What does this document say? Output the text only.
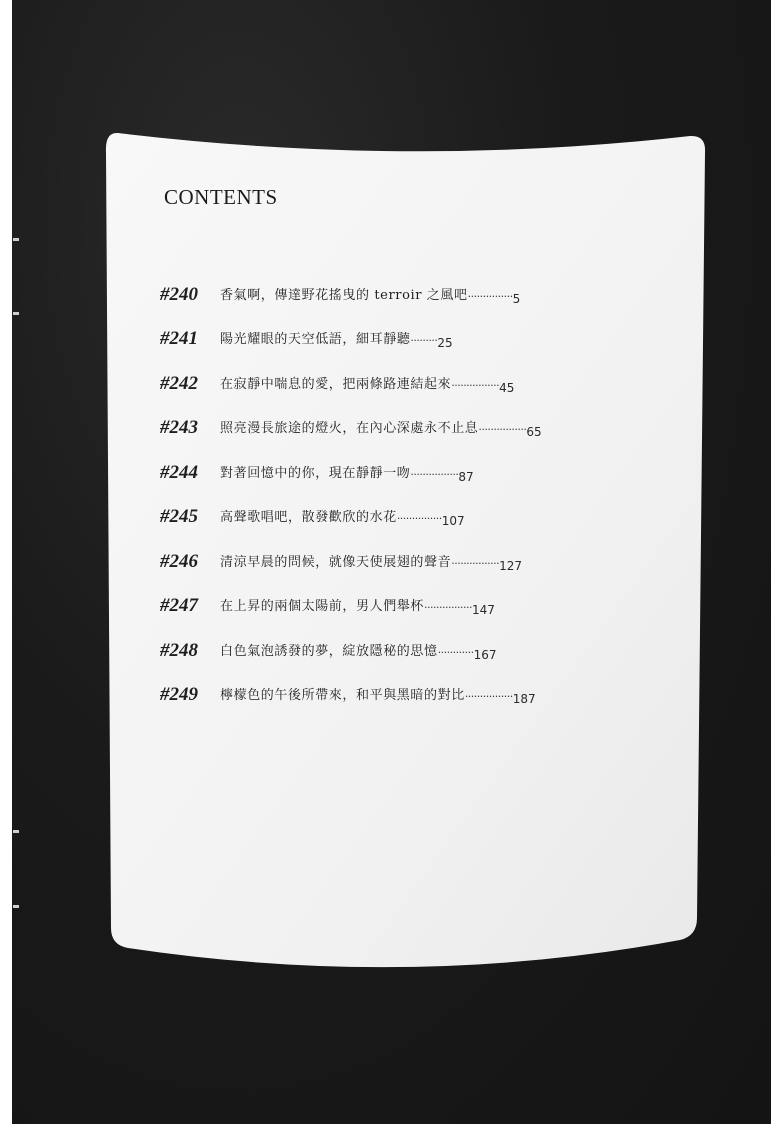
CONTENTS
#240	香氣啊，傳達野花搖曳的 terroir 之風吧 ··············· 5
#241	陽光耀眼的天空低語，細耳靜聽 ········· 25
#242	在寂靜中喘息的愛，把兩條路連結起來 ················ 45
#243	照亮漫長旅途的燈火，在內心深處永不止息 ················ 65
#244	對著回憶中的你，現在靜靜一吻 ················ 87
#245	高聲歌唱吧，散發歡欣的水花 ··············· 107
#246	清涼早晨的問候，就像天使展翅的聲音 ················ 127
#247	在上昇的兩個太陽前，男人們舉杯 ················ 147
#248	白色氣泡誘發的夢，綻放隱秘的思憶 ············ 167
#249	檸檬色的午後所帶來，和平與黑暗的對比 ················ 187
